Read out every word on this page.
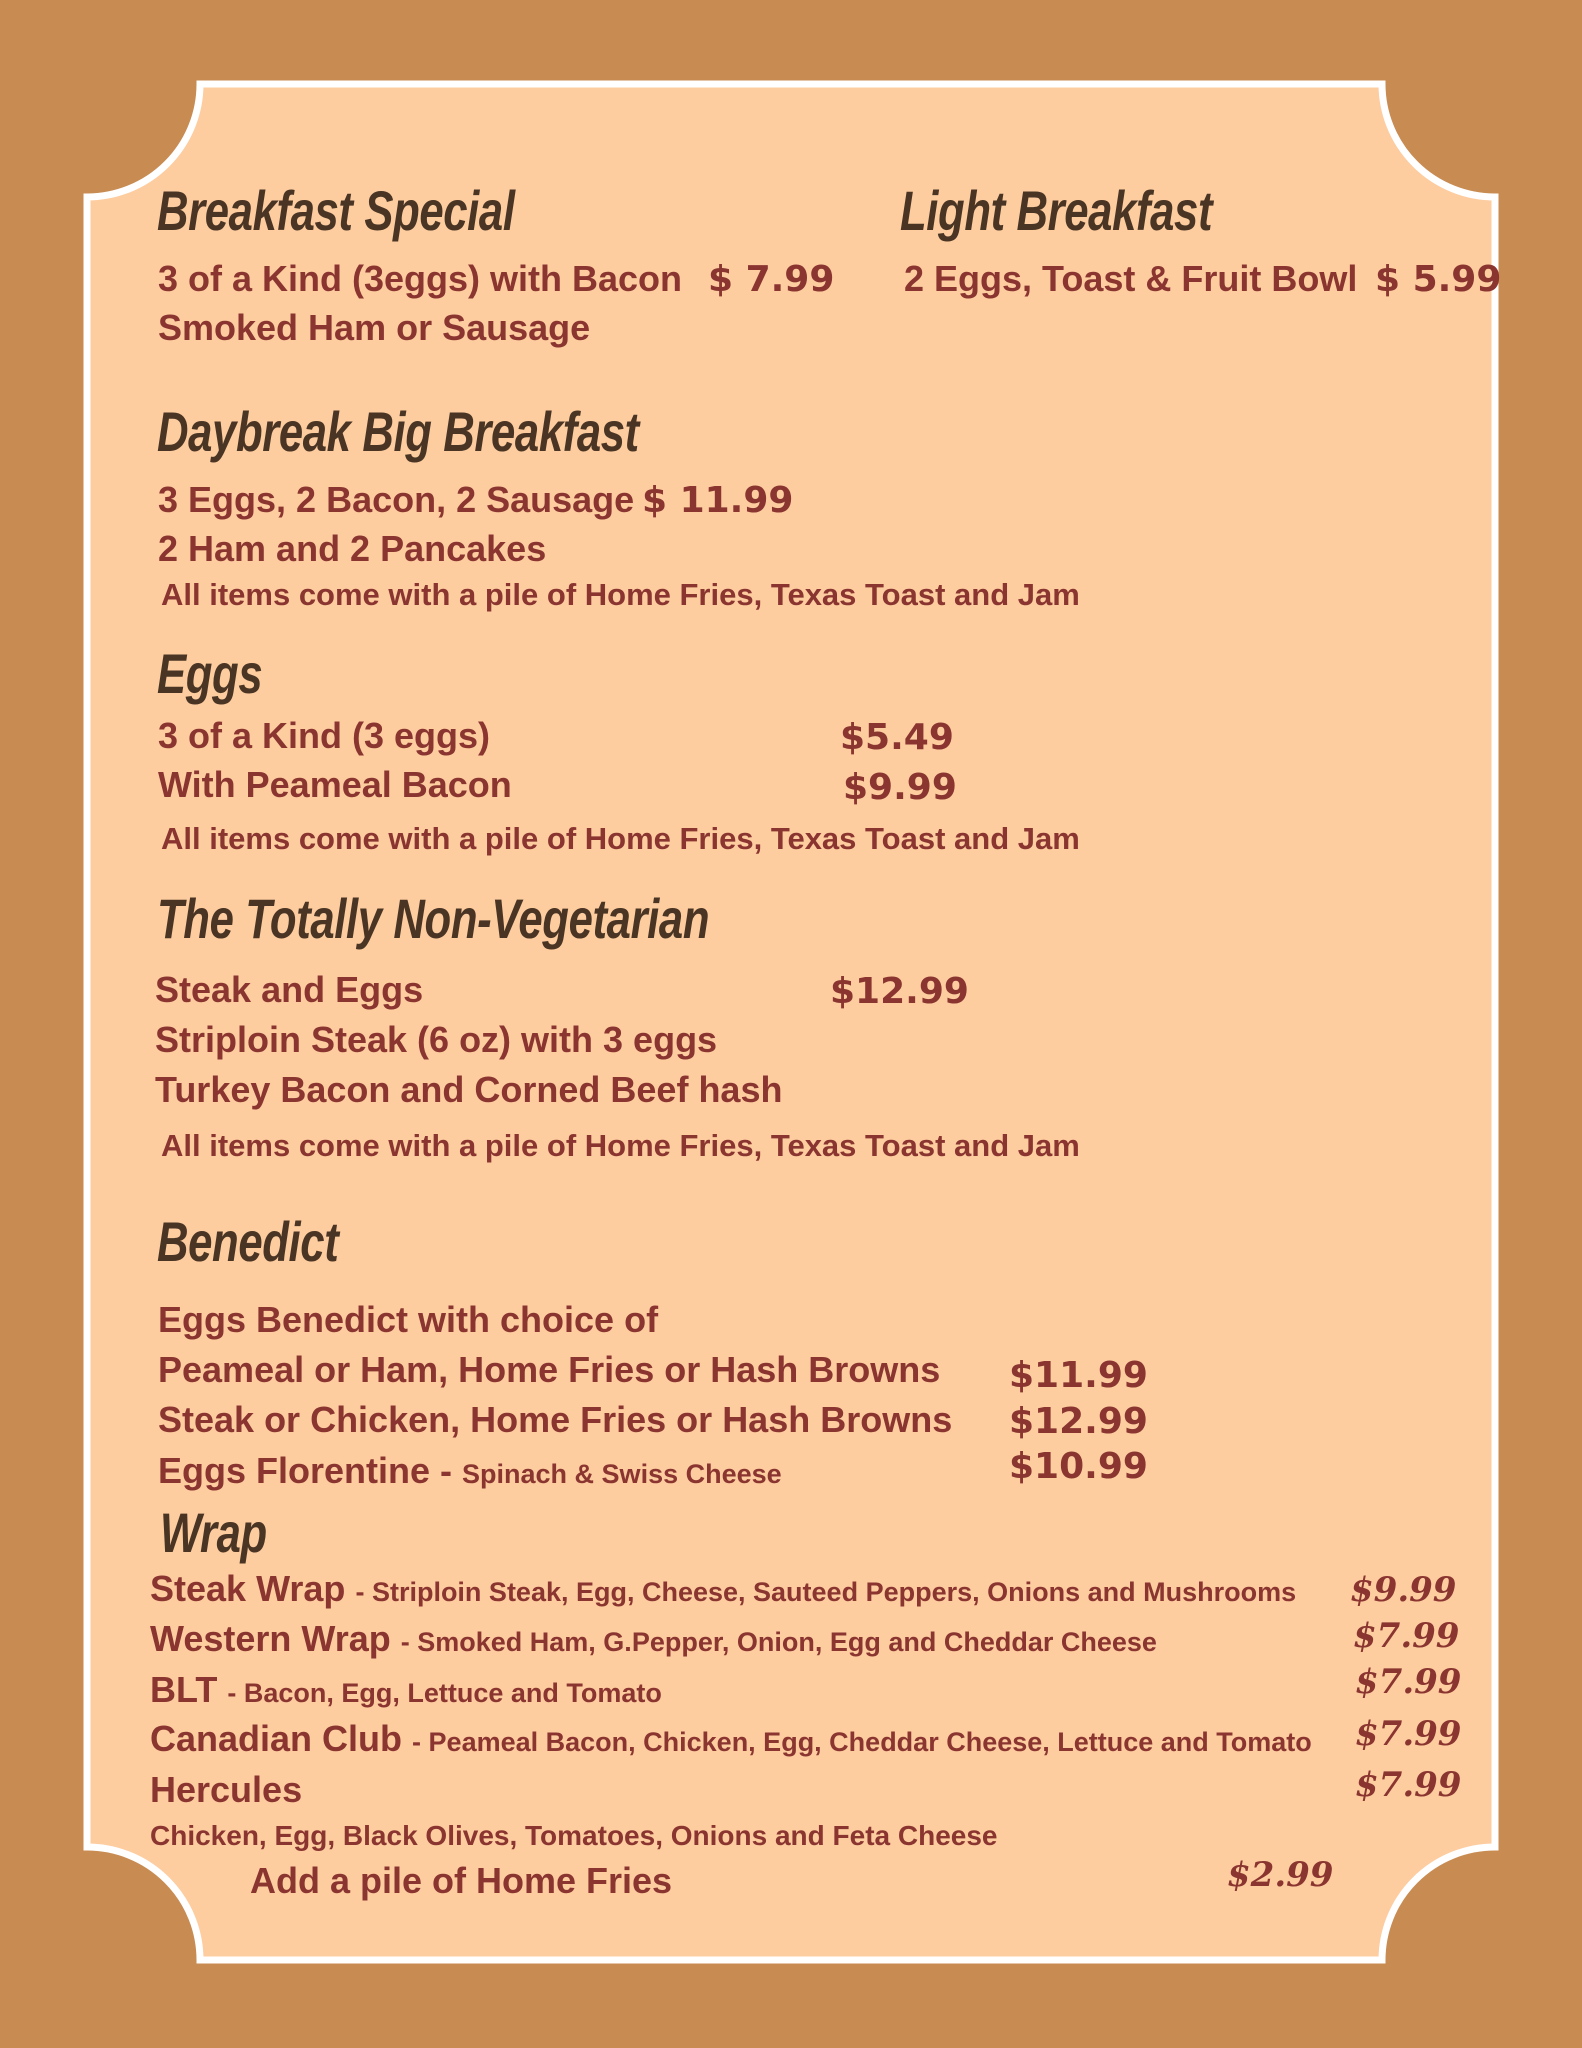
Breakfast Special
3 of a Kind (3eggs) with Bacon $ 7.99
Smoked Ham or Sausage
Light Breakfast
2 Eggs, Toast & Fruit Bowl $ 5.99
Daybreak Big Breakfast
3 Eggs, 2 Bacon, 2 Sausage $ 11.99
2 Ham and 2 Pancakes
All items come with a pile of Home Fries, Texas Toast and Jam
Eggs
3 of a Kind (3 eggs)	$5.49
With Peameal Bacon	$9.99
All items come with a pile of Home Fries, Texas Toast and Jam
The Totally Non-Vegetarian
Steak and Eggs	$12.99
Striploin Steak (6 oz) with 3 eggs
Turkey Bacon and Corned Beef hash
All items come with a pile of Home Fries, Texas Toast and Jam
Benedict
Eggs Benedict with choice of
Peameal or Ham, Home Fries or Hash Browns $11.99
Steak or Chicken, Home Fries or Hash Browns $12.99
Eggs Florentine - Spinach & Swiss Cheese	$10.99
Wrap
Steak Wrap - Striploin Steak, Egg, Cheese, Sauteed Peppers, Onions and Mushrooms $9.99
Western Wrap - Smoked Ham, G.Pepper, Onion, Egg and Cheddar Cheese	$7.99
BLT - Bacon, Egg, Lettuce and Tomato	$7.99
Canadian Club - Peameal Bacon, Chicken, Egg, Cheddar Cheese, Lettuce and Tomato $7.99
Hercules	$7.99
Chicken, Egg, Black Olives, Tomatoes, Onions and Feta Cheese
Add a pile of Home Fries	$2.99
